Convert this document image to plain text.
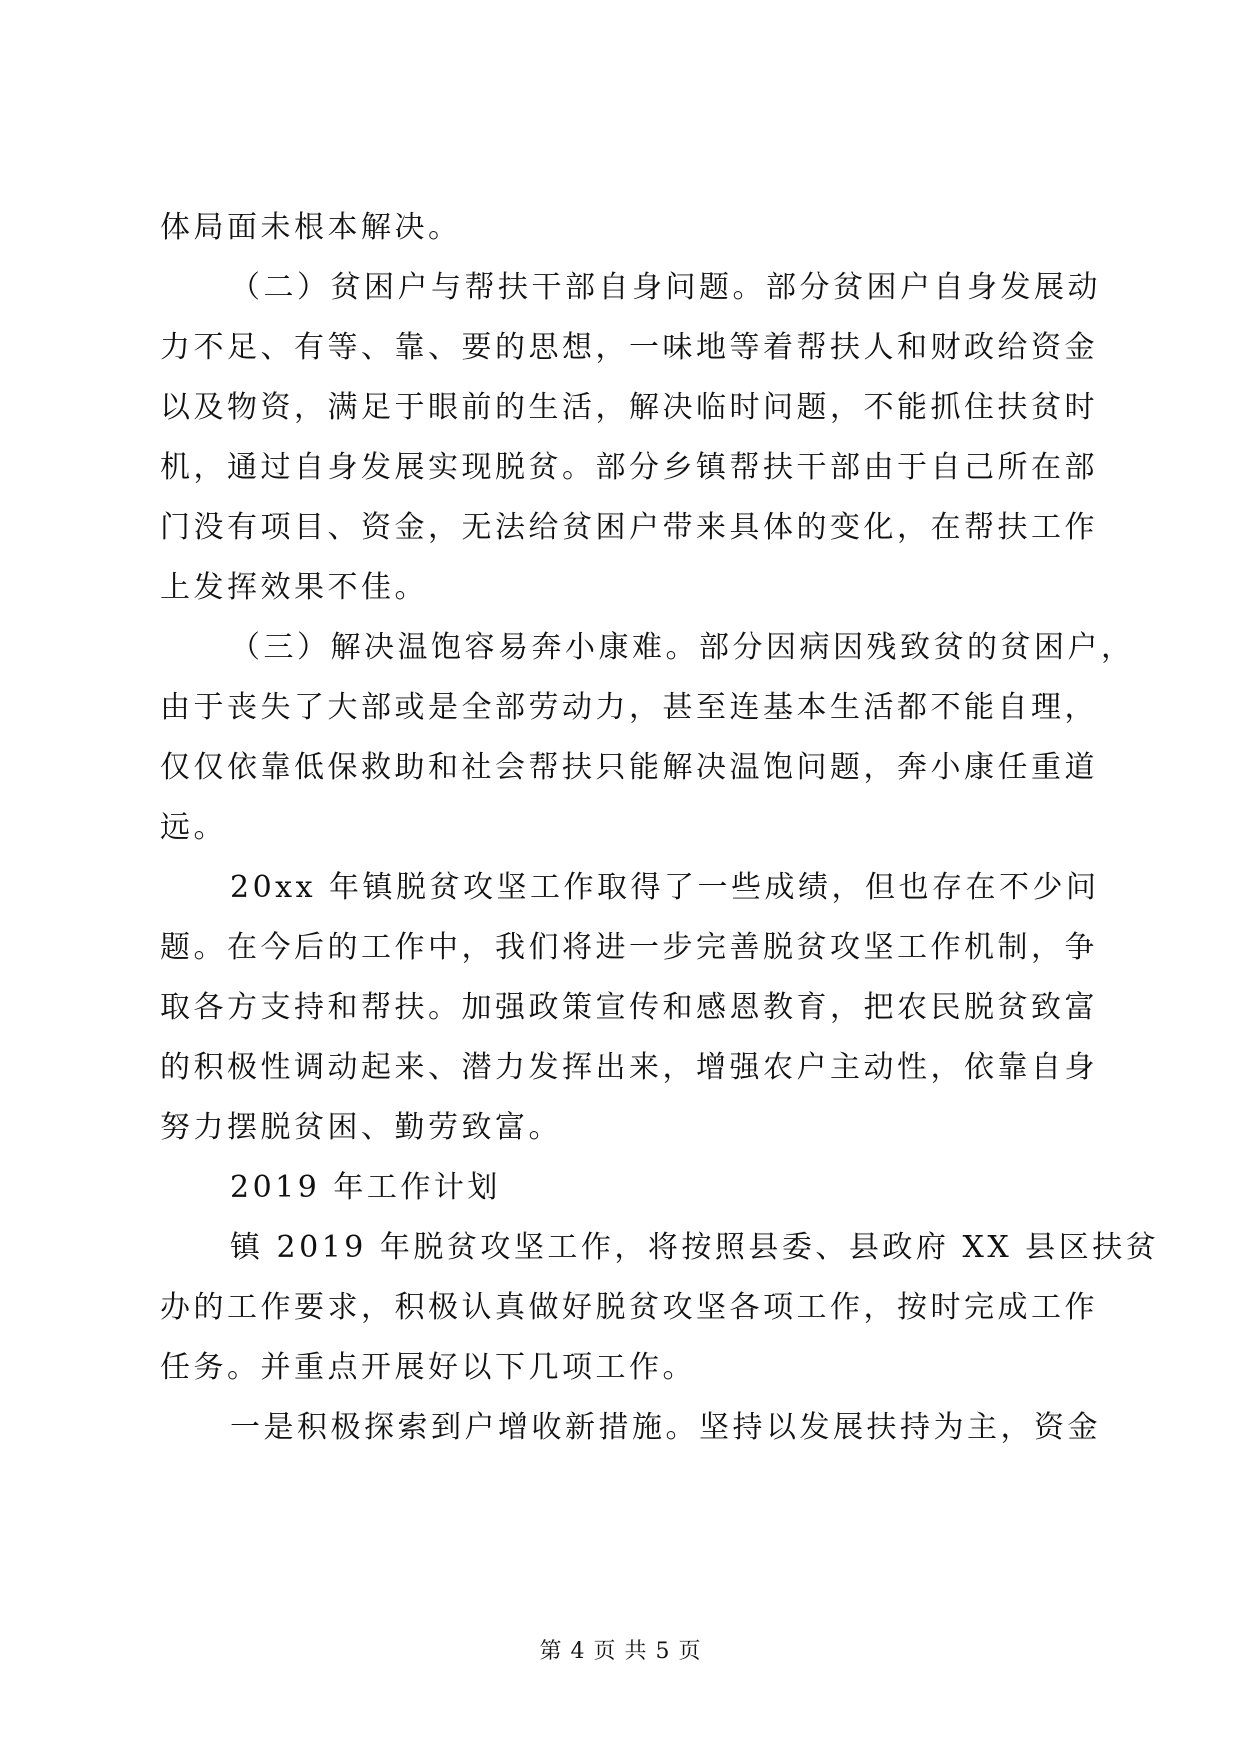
体局面未根本解决。
（二）贫困户与帮扶干部自身问题。部分贫困户自身发展动
力不足、有等、靠、要的思想，一味地等着帮扶人和财政给资金
以及物资，满足于眼前的生活，解决临时问题，不能抓住扶贫时
机，通过自身发展实现脱贫。部分乡镇帮扶干部由于自己所在部
门没有项目、资金，无法给贫困户带来具体的变化，在帮扶工作
上发挥效果不佳。
（三）解决温饱容易奔小康难。部分因病因残致贫的贫困户，
由于丧失了大部或是全部劳动力，甚至连基本生活都不能自理，
仅仅依靠低保救助和社会帮扶只能解决温饱问题，奔小康任重道
远。
20xx 年镇脱贫攻坚工作取得了一些成绩，但也存在不少问
题。在今后的工作中，我们将进一步完善脱贫攻坚工作机制，争
取各方支持和帮扶。加强政策宣传和感恩教育，把农民脱贫致富
的积极性调动起来、潜力发挥出来，增强农户主动性，依靠自身
努力摆脱贫困、勤劳致富。
2019 年工作计划
镇 2019 年脱贫攻坚工作，将按照县委、县政府 XX 县区扶贫
办的工作要求，积极认真做好脱贫攻坚各项工作，按时完成工作
任务。并重点开展好以下几项工作。
一是积极探索到户增收新措施。坚持以发展扶持为主，资金
第 4 页 共 5 页
